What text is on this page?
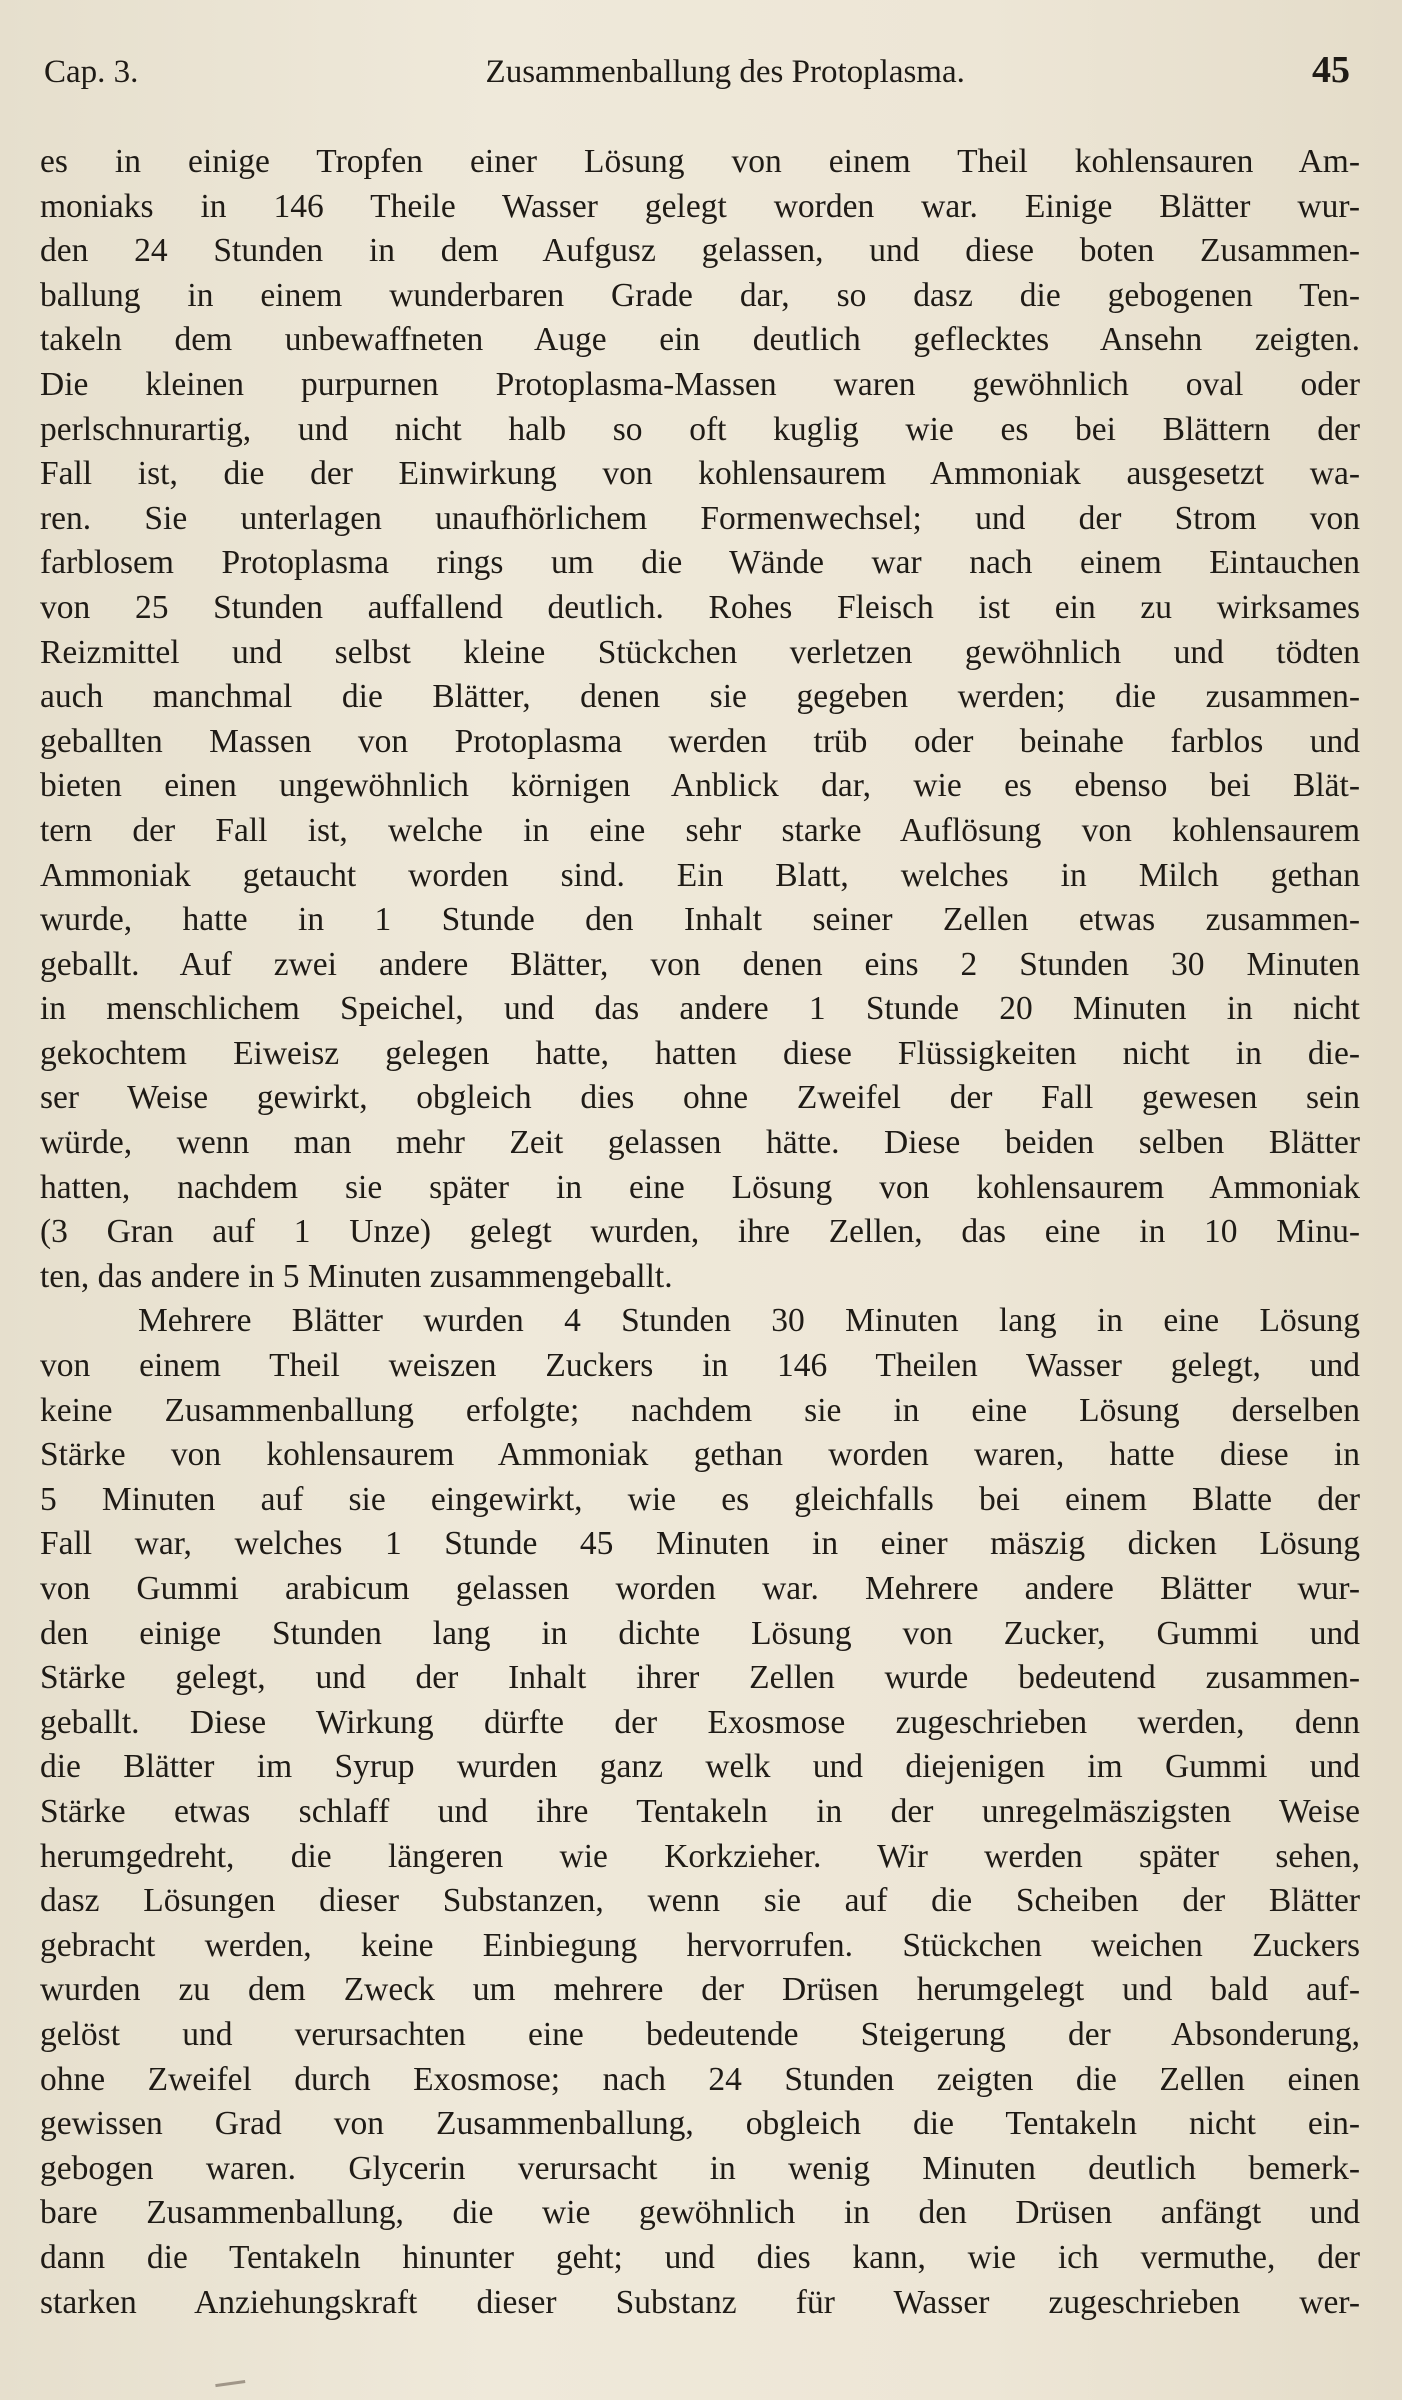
Cap. 3.	Zusammenballung des Protoplasma.	45
es in einige Tropfen einer Lösung von einem Theil kohlensauren Am-
moniaks in 146 Theile Wasser gelegt worden war. Einige Blätter wur-
den 24 Stunden in dem Aufgusz gelassen, und diese boten Zusammen-
ballung in einem wunderbaren Grade dar, so dasz die gebogenen Ten-
takeln dem unbewaffneten Auge ein deutlich geflecktes Ansehn zeigten.
Die kleinen purpurnen Protoplasma-Massen waren gewöhnlich oval oder
perlschnurartig, und nicht halb so oft kuglig wie es bei Blättern der
Fall ist, die der Einwirkung von kohlensaurem Ammoniak ausgesetzt wa-
ren. Sie unterlagen unaufhörlichem Formenwechsel; und der Strom von
farblosem Protoplasma rings um die Wände war nach einem Eintauchen
von 25 Stunden auffallend deutlich. Rohes Fleisch ist ein zu wirksames
Reizmittel und selbst kleine Stückchen verletzen gewöhnlich und tödten
auch manchmal die Blätter, denen sie gegeben werden; die zusammen-
geballten Massen von Protoplasma werden trüb oder beinahe farblos und
bieten einen ungewöhnlich körnigen Anblick dar, wie es ebenso bei Blät-
tern der Fall ist, welche in eine sehr starke Auflösung von kohlensaurem
Ammoniak getaucht worden sind. Ein Blatt, welches in Milch gethan
wurde, hatte in 1 Stunde den Inhalt seiner Zellen etwas zusammen-
geballt. Auf zwei andere Blätter, von denen eins 2 Stunden 30 Minuten
in menschlichem Speichel, und das andere 1 Stunde 20 Minuten in nicht
gekochtem Eiweisz gelegen hatte, hatten diese Flüssigkeiten nicht in die-
ser Weise gewirkt, obgleich dies ohne Zweifel der Fall gewesen sein
würde, wenn man mehr Zeit gelassen hätte. Diese beiden selben Blätter
hatten, nachdem sie später in eine Lösung von kohlensaurem Ammoniak
(3 Gran auf 1 Unze) gelegt wurden, ihre Zellen, das eine in 10 Minu-
ten, das andere in 5 Minuten zusammengeballt.
Mehrere Blätter wurden 4 Stunden 30 Minuten lang in eine Lösung
von einem Theil weiszen Zuckers in 146 Theilen Wasser gelegt, und
keine Zusammenballung erfolgte; nachdem sie in eine Lösung derselben
Stärke von kohlensaurem Ammoniak gethan worden waren, hatte diese in
5 Minuten auf sie eingewirkt, wie es gleichfalls bei einem Blatte der
Fall war, welches 1 Stunde 45 Minuten in einer mäszig dicken Lösung
von Gummi arabicum gelassen worden war. Mehrere andere Blätter wur-
den einige Stunden lang in dichte Lösung von Zucker, Gummi und
Stärke gelegt, und der Inhalt ihrer Zellen wurde bedeutend zusammen-
geballt. Diese Wirkung dürfte der Exosmose zugeschrieben werden, denn
die Blätter im Syrup wurden ganz welk und diejenigen im Gummi und
Stärke etwas schlaff und ihre Tentakeln in der unregelmäszigsten Weise
herumgedreht, die längeren wie Korkzieher. Wir werden später sehen,
dasz Lösungen dieser Substanzen, wenn sie auf die Scheiben der Blätter
gebracht werden, keine Einbiegung hervorrufen. Stückchen weichen Zuckers
wurden zu dem Zweck um mehrere der Drüsen herumgelegt und bald auf-
gelöst und verursachten eine bedeutende Steigerung der Absonderung,
ohne Zweifel durch Exosmose; nach 24 Stunden zeigten die Zellen einen
gewissen Grad von Zusammenballung, obgleich die Tentakeln nicht ein-
gebogen waren. Glycerin verursacht in wenig Minuten deutlich bemerk-
bare Zusammenballung, die wie gewöhnlich in den Drüsen anfängt und
dann die Tentakeln hinunter geht; und dies kann, wie ich vermuthe, der
starken Anziehungskraft dieser Substanz für Wasser zugeschrieben wer-
